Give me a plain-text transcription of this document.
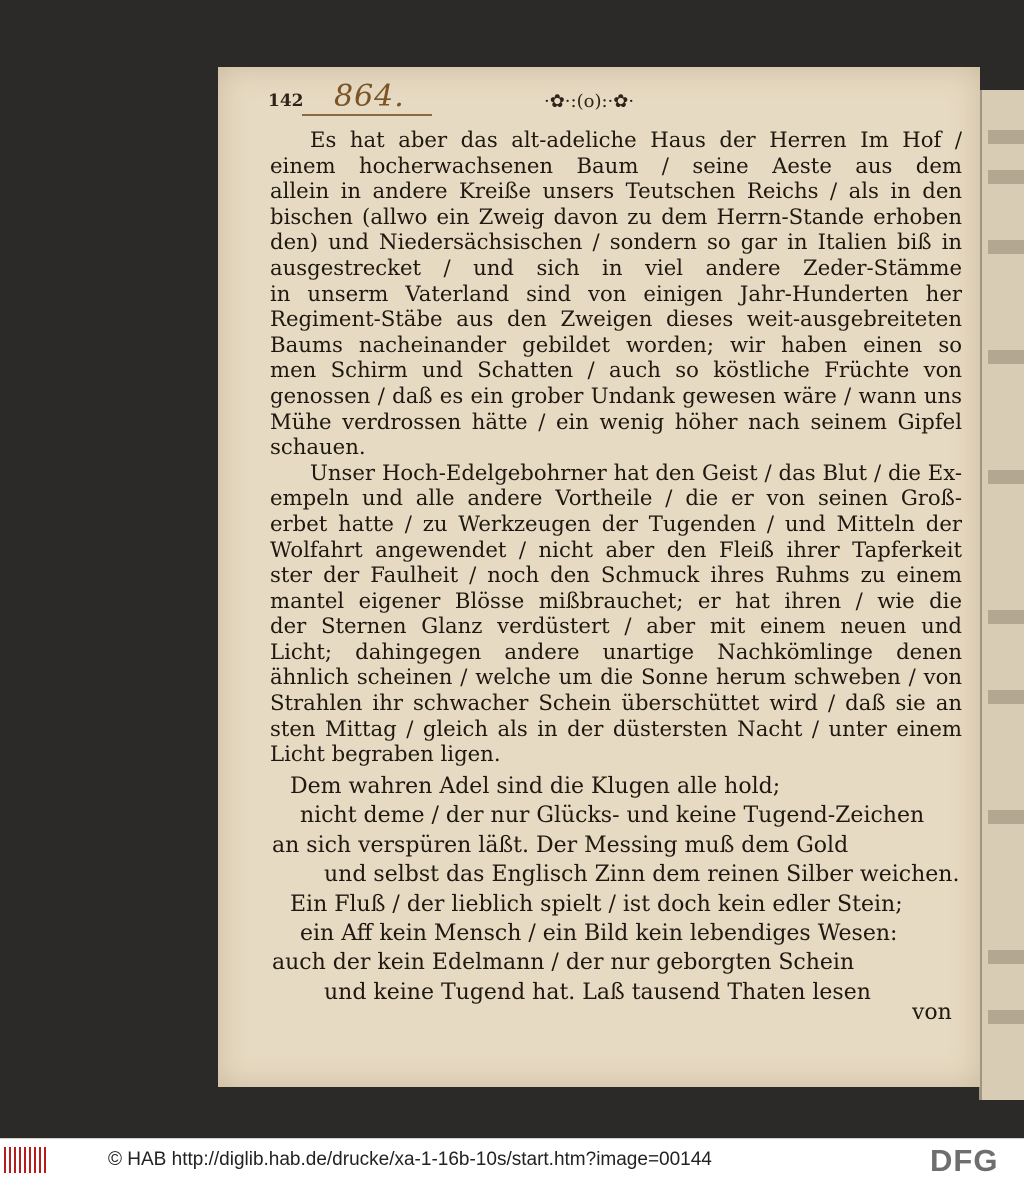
142 864.	·✿·:(o):·✿·
Es hat aber das alt-adeliche Haus der Herren Im Hof /
einem hocherwachsenen Baum / seine Aeste aus dem
allein in andere Kreiße unsers Teutschen Reichs / als in den
bischen (allwo ein Zweig davon zu dem Herrn-Stande erhoben
den) und Niedersächsischen / sondern so gar in Italien biß in
ausgestrecket / und sich in viel andere Zeder-Stämme
in unserm Vaterland sind von einigen Jahr-Hunderten her
Regiment-Stäbe aus den Zweigen dieses weit-ausgebreiteten
Baums nacheinander gebildet worden; wir haben einen so
men Schirm und Schatten / auch so köstliche Früchte von
genossen / daß es ein grober Undank gewesen wäre / wann uns
Mühe verdrossen hätte / ein wenig höher nach seinem Gipfel
schauen.
Unser Hoch-Edelgebohrner hat den Geist / das Blut / die Ex-
empeln und alle andere Vortheile / die er von seinen Groß-
erbet hatte / zu Werkzeugen der Tugenden / und Mitteln der
Wolfahrt angewendet / nicht aber den Fleiß ihrer Tapferkeit
ster der Faulheit / noch den Schmuck ihres Ruhms zu einem
mantel eigener Blösse mißbrauchet; er hat ihren / wie die
der Sternen Glanz verdüstert / aber mit einem neuen und
Licht; dahingegen andere unartige Nachkömlinge denen
ähnlich scheinen / welche um die Sonne herum schweben / von
Strahlen ihr schwacher Schein überschüttet wird / daß sie an
sten Mittag / gleich als in der düstersten Nacht / unter einem
Licht begraben ligen.
Dem wahren Adel sind die Klugen alle hold;
nicht deme / der nur Glücks- und keine Tugend-Zeichen
an sich verspüren läßt. Der Messing muß dem Gold
und selbst das Englisch Zinn dem reinen Silber weichen.
Ein Fluß / der lieblich spielt / ist doch kein edler Stein;
ein Aff kein Mensch / ein Bild kein lebendiges Wesen:
auch der kein Edelmann / der nur geborgten Schein
und keine Tugend hat. Laß tausend Thaten lesen
von
© HAB http://diglib.hab.de/drucke/xa-1-16b-10s/start.htm?image=00144	DFG
